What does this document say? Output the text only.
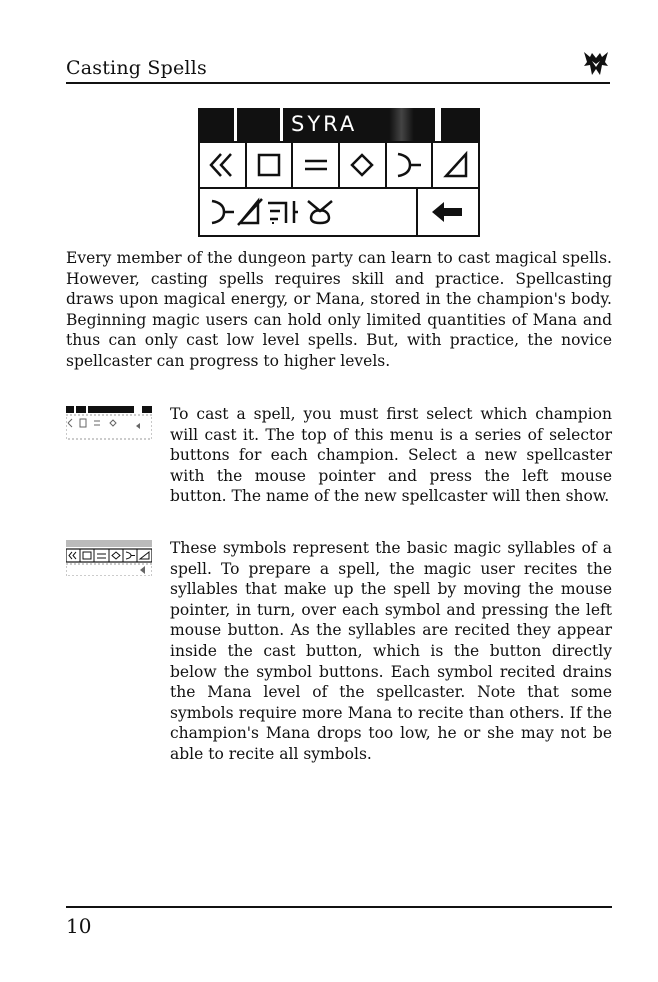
Casting Spells
SYRA

Every member of the dungeon party can learn to cast magical spells. However, casting spells requires skill and practice. Spellcasting draws upon magical energy, or Mana, stored in the champion's body. Beginning magic users can hold only limited quantities of Mana and thus can only cast low level spells. But, with practice, the novice spellcaster can progress to higher levels.

To cast a spell, you must first select which champion will cast it. The top of this menu is a series of selector buttons for each champion. Select a new spellcaster with the mouse pointer and press the left mouse button. The name of the new spellcaster will then show.

These symbols represent the basic magic syllables of a spell. To prepare a spell, the magic user recites the syllables that make up the spell by moving the mouse pointer, in turn, over each symbol and pressing the left mouse button. As the syllables are recited they appear inside the cast button, which is the button directly below the symbol buttons. Each symbol recited drains the Mana level of the spellcaster. Note that some symbols require more Mana to recite than others. If the champion's Mana drops too low, he or she may not be able to recite all symbols.

10
